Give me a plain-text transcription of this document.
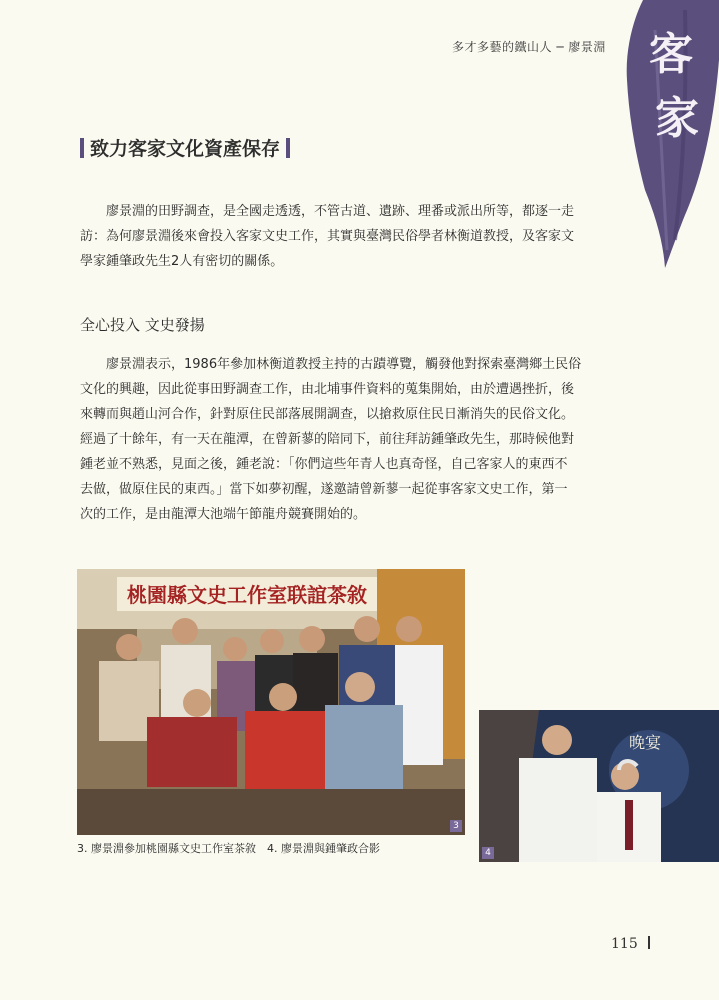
多才多藝的鐵山人 ─ 廖景淵 客
家
致力客家文化資產保存
廖景淵的田野調查，是全國走透透，不管古道、遺跡、理番或派出所等，都逐一走
訪：為何廖景淵後來會投入客家文史工作，其實與臺灣民俗學者林衡道教授，及客家文
學家鍾肇政先生2人有密切的關係。
全心投入 文史發揚
廖景淵表示，1986年參加林衡道教授主持的古蹟導覽，觸發他對探索臺灣鄉土民俗
文化的興趣，因此從事田野調查工作，由北埔事件資料的蒐集開始，由於遭遇挫折，後
來轉而與趙山河合作，針對原住民部落展開調查，以搶救原住民日漸消失的民俗文化。
經過了十餘年，有一天在龍潭，在曾新蓼的陪同下，前往拜訪鍾肇政先生，那時候他對
鍾老並不熟悉，見面之後，鍾老說：「你們這些年青人也真奇怪，自己客家人的東西不
去做，做原住民的東西。」當下如夢初醒，遂邀請曾新蓼一起從事客家文史工作，第一
次的工作，是由龍潭大池端午節龍舟競賽開始的。
桃園縣文史工作室联誼茶敘
3
晚宴
4
3. 廖景淵參加桃園縣文史工作室茶敘　4. 廖景淵與鍾肇政合影
115
